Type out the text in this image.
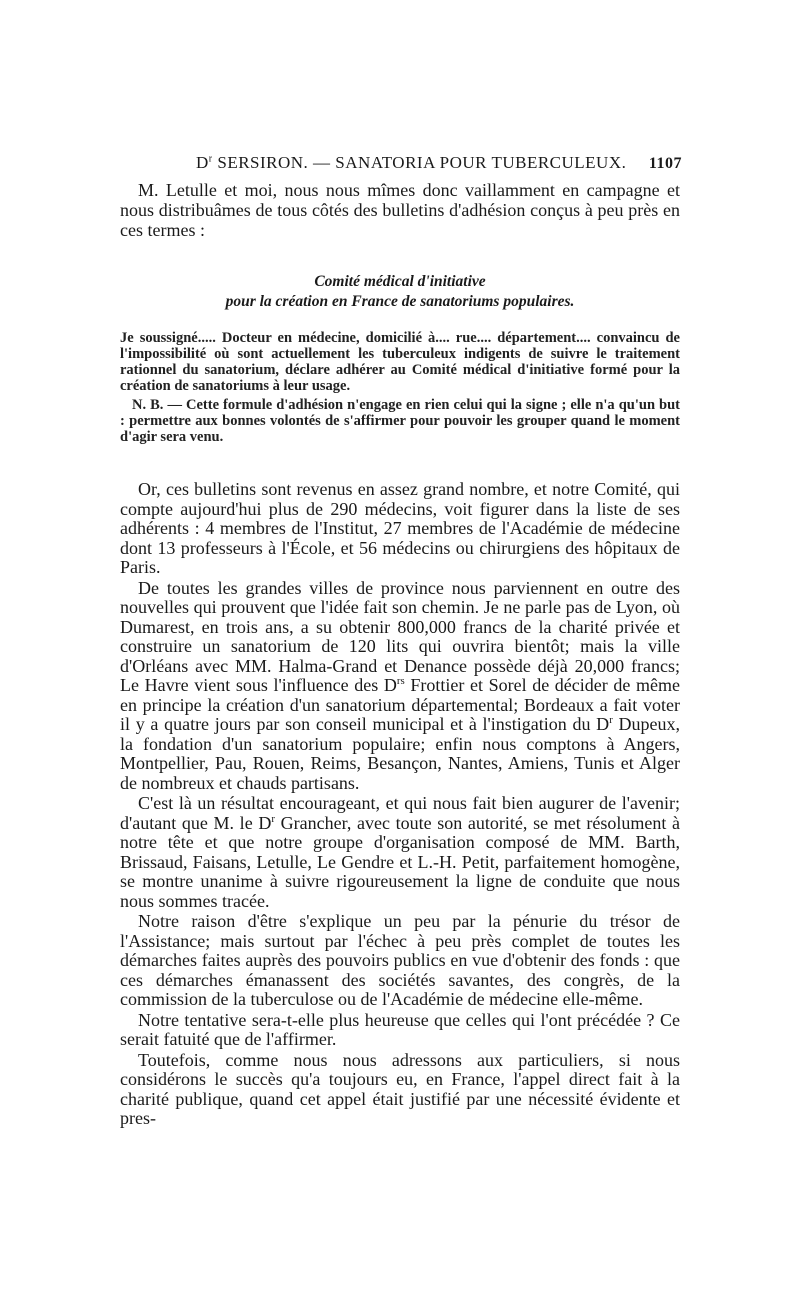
$D^r$ SERSIRON. — SANATORIA POUR TUBERCULEUX. 1107

M. Letulle et moi, nous nous mîmes donc vaillamment en campagne et nous distribuâmes de tous côtés des bulletins d'adhésion conçus à peu près en ces termes :

Comité médical d'initiative
pour la création en France de sanatoriums populaires.

Je soussigné..... Docteur en médecine, domicilié à.... rue.... département.... convaincu de l'impossibilité où sont actuellement les tuberculeux indigents de suivre le traitement rationnel du sanatorium, déclare adhérer au Comité médical d'initiative formé pour la création de sanatoriums à leur usage.

N. B. — Cette formule d'adhésion n'engage en rien celui qui la signe ; elle n'a qu'un but : permettre aux bonnes volontés de s'affirmer pour pouvoir les grouper quand le moment d'agir sera venu.

Or, ces bulletins sont revenus en assez grand nombre, et notre Comité, qui compte aujourd'hui plus de 290 médecins, voit figurer dans la liste de ses adhérents : 4 membres de l'Institut, 27 membres de l'Académie de médecine dont 13 professeurs à l'École, et 56 médecins ou chirurgiens des hôpitaux de Paris.

De toutes les grandes villes de province nous parviennent en outre des nouvelles qui prouvent que l'idée fait son chemin. Je ne parle pas de Lyon, où Dumarest, en trois ans, a su obtenir 800,000 francs de la charité privée et construire un sanatorium de 120 lits qui ouvrira bientôt; mais la ville d'Orléans avec MM. Halma-Grand et Denance possède déjà 20,000 francs; Le Havre vient sous l'influence des $D^{rs}$ Frottier et Sorel de décider de même en principe la création d'un sanatorium départemental; Bordeaux a fait voter il y a quatre jours par son conseil municipal et à l'instigation du $D^r$ Dupeux, la fondation d'un sanatorium populaire; enfin nous comptons à Angers, Montpellier, Pau, Rouen, Reims, Besançon, Nantes, Amiens, Tunis et Alger de nombreux et chauds partisans.

C'est là un résultat encourageant, et qui nous fait bien augurer de l'avenir; d'autant que M. le $D^r$ Grancher, avec toute son autorité, se met résolument à notre tête et que notre groupe d'organisation composé de MM. Barth, Brissaud, Faisans, Letulle, Le Gendre et L.-H. Petit, parfaitement homogène, se montre unanime à suivre rigoureusement la ligne de conduite que nous nous sommes tracée.

Notre raison d'être s'explique un peu par la pénurie du trésor de l'Assistance; mais surtout par l'échec à peu près complet de toutes les démarches faites auprès des pouvoirs publics en vue d'obtenir des fonds : que ces démarches émanassent des sociétés savantes, des congrès, de la commission de la tuberculose ou de l'Académie de médecine elle-même.

Notre tentative sera-t-elle plus heureuse que celles qui l'ont précédée ? Ce serait fatuité que de l'affirmer.

Toutefois, comme nous nous adressons aux particuliers, si nous considérons le succès qu'a toujours eu, en France, l'appel direct fait à la charité publique, quand cet appel était justifié par une nécessité évidente et pres-
